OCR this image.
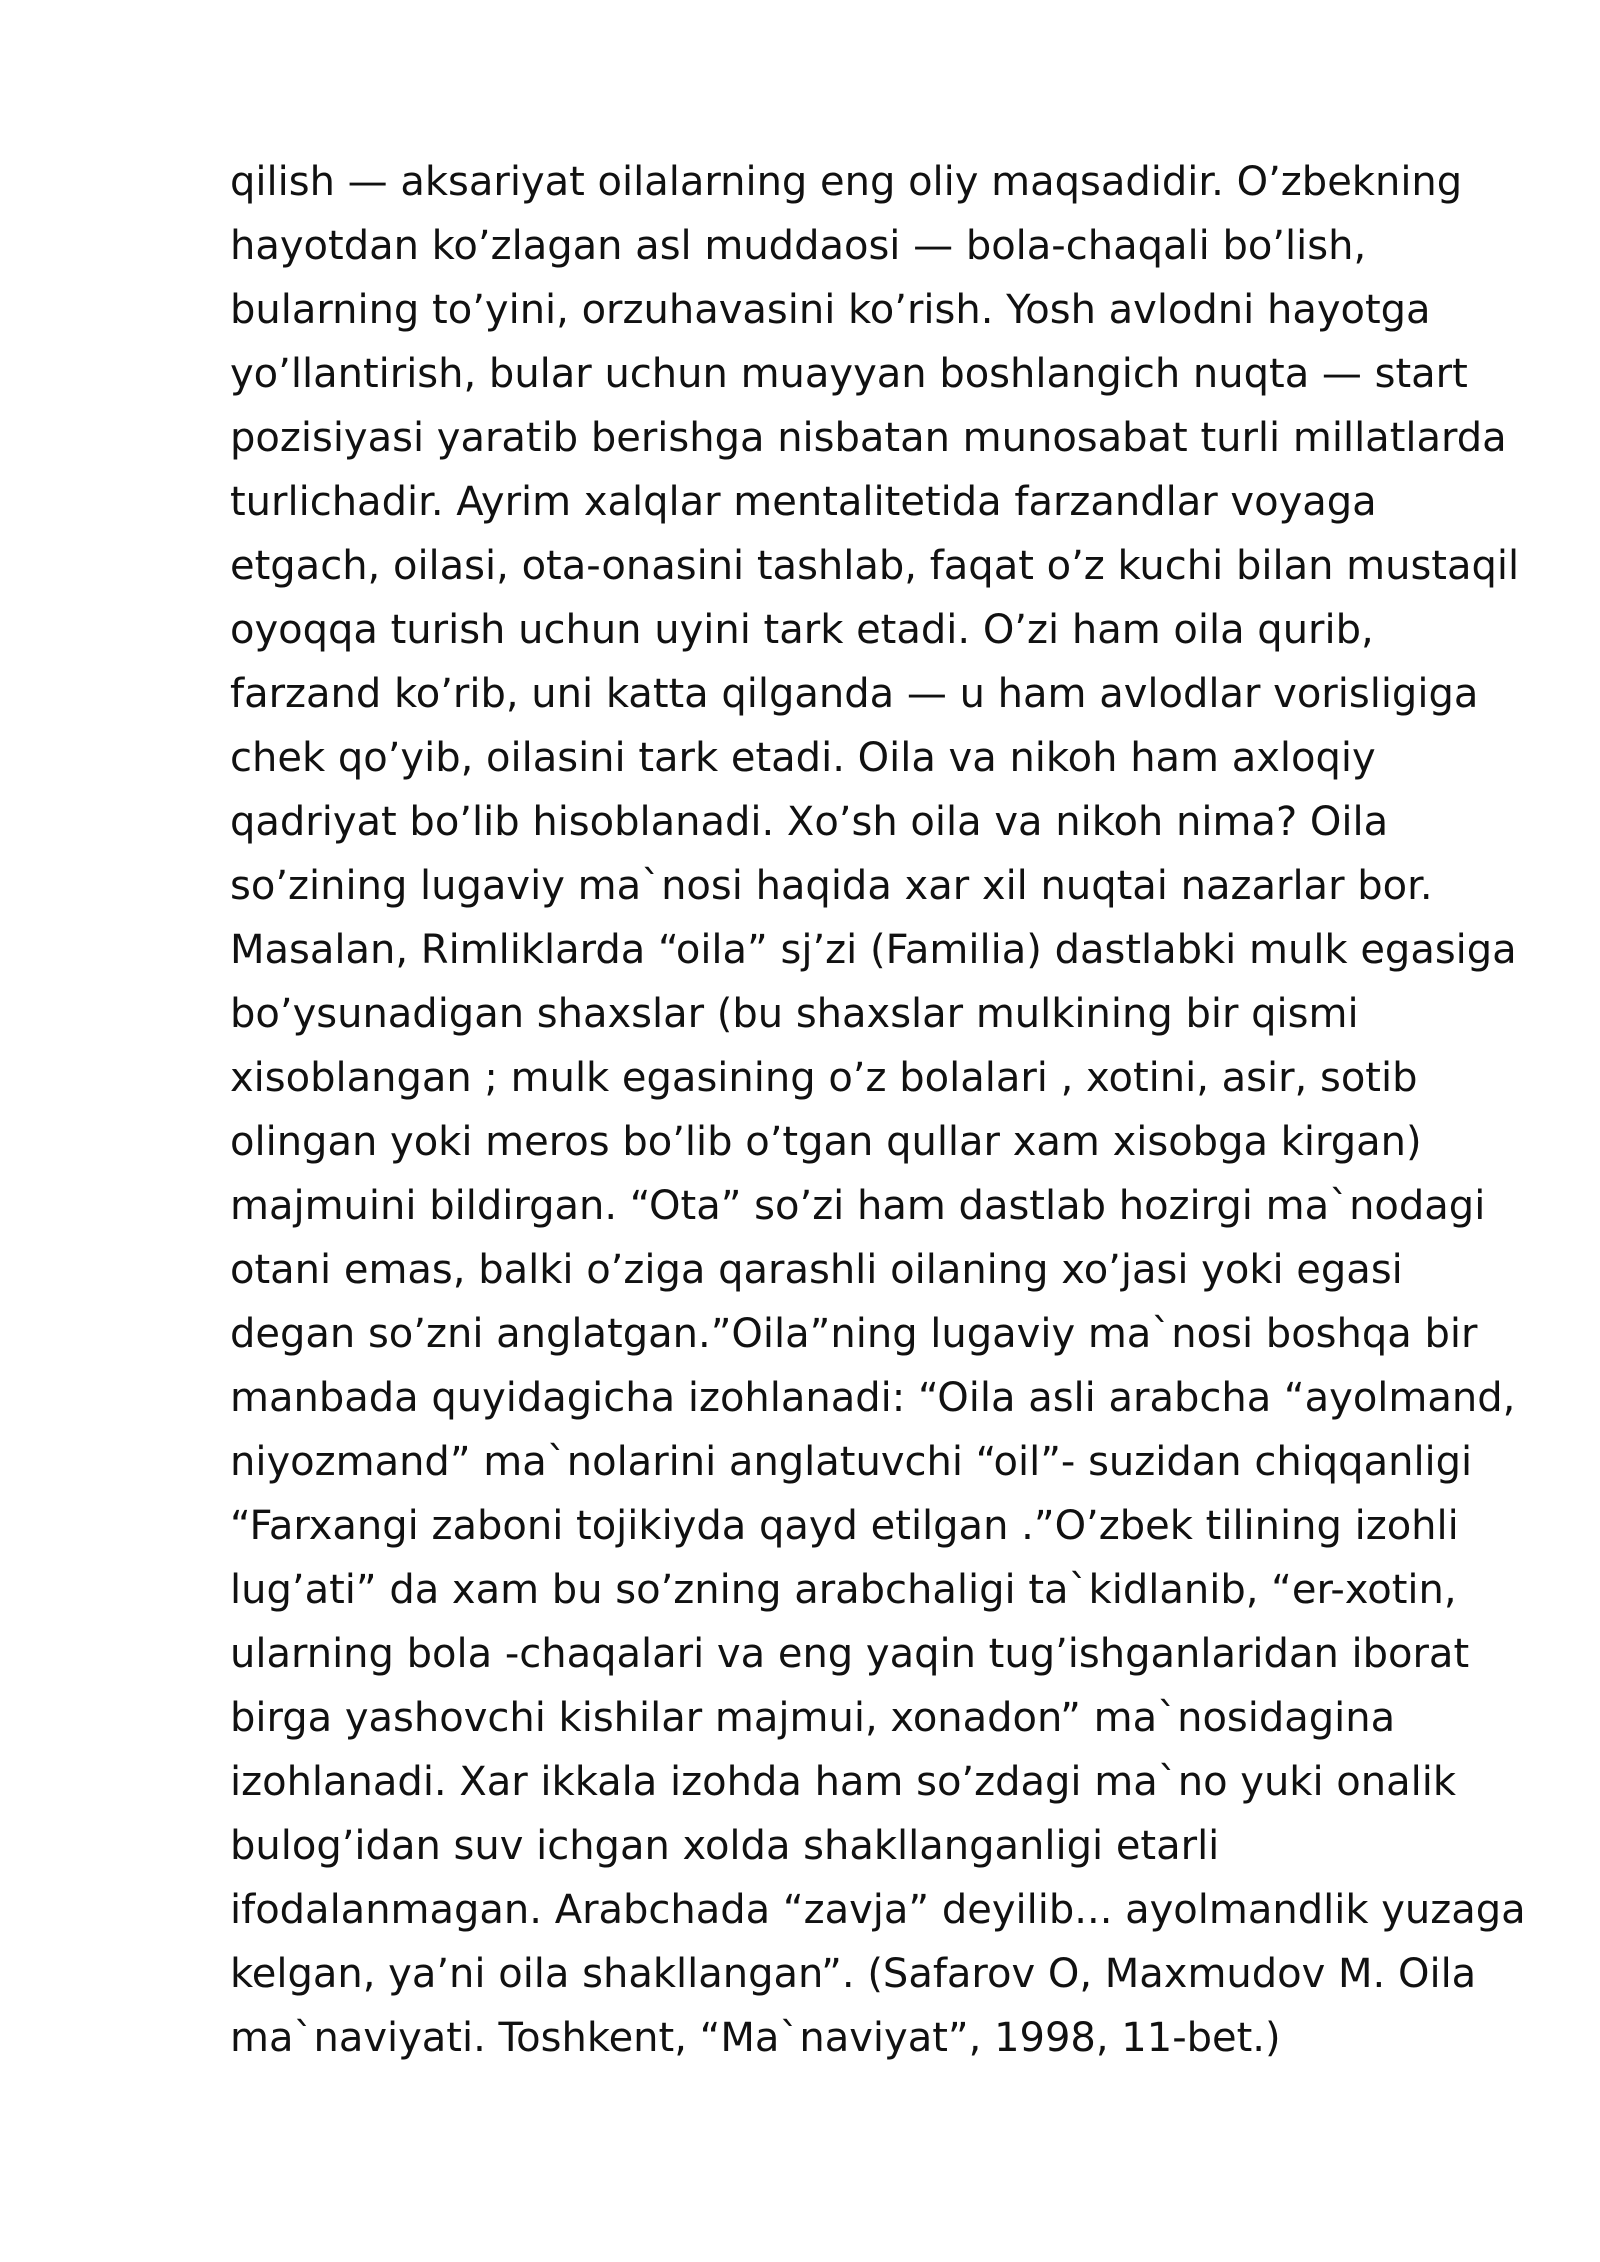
qilish — aksariyat oilalarning eng oliy maqsadidir. O’zbekning
hayotdan ko’zlagan asl muddaosi — bola-chaqali bo’lish,
bularning to’yini, orzuhavasini ko’rish. Yosh avlodni hayotga
yo’llantirish, bular uchun muayyan boshlangich nuqta — start
pozisiyasi yaratib berishga nisbatan munosabat turli millatlarda
turlichadir. Ayrim xalqlar mentalitetida farzandlar voyaga
etgach, oilasi, ota-onasini tashlab, faqat o’z kuchi bilan mustaqil
oyoqqa turish uchun uyini tark etadi. O’zi ham oila qurib,
farzand ko’rib, uni katta qilganda — u ham avlodlar vorisligiga
chek qo’yib, oilasini tark etadi. Oila va nikoh ham axloqiy
qadriyat bo’lib hisoblanadi. Xo’sh oila va nikoh nima? Oila
so’zining lugaviy ma`nosi haqida xar xil nuqtai nazarlar bor.
Masalan, Rimliklarda “oila” sj’zi (Familia) dastlabki mulk egasiga
bo’ysunadigan shaxslar (bu shaxslar mulkining bir qismi
xisoblangan ; mulk egasining o’z bolalari , xotini, asir, sotib
olingan yoki meros bo’lib o’tgan qullar xam xisobga kirgan)
majmuini bildirgan. “Ota” so’zi ham dastlab hozirgi ma`nodagi
otani emas, balki o’ziga qarashli oilaning xo’jasi yoki egasi
degan so’zni anglatgan.”Oila”ning lugaviy ma`nosi boshqa bir
manbada quyidagicha izohlanadi: “Oila asli arabcha “ayolmand,
niyozmand” ma`nolarini anglatuvchi “oil”- suzidan chiqqanligi
“Farxangi zaboni tojikiyda qayd etilgan .”O’zbek tilining izohli
lug’ati” da xam bu so’zning arabchaligi ta`kidlanib, “er-xotin,
ularning bola -chaqalari va eng yaqin tug’ishganlaridan iborat
birga yashovchi kishilar majmui, xonadon” ma`nosidagina
izohlanadi. Xar ikkala izohda ham so’zdagi ma`no yuki onalik
bulog’idan suv ichgan xolda shakllanganligi etarli
ifodalanmagan. Arabchada “zavja” deyilib... ayolmandlik yuzaga
kelgan, ya’ni oila shakllangan”. (Safarov O, Maxmudov M. Oila
ma`naviyati. Toshkent, “Ma`naviyat”, 1998, 11-bet.)
